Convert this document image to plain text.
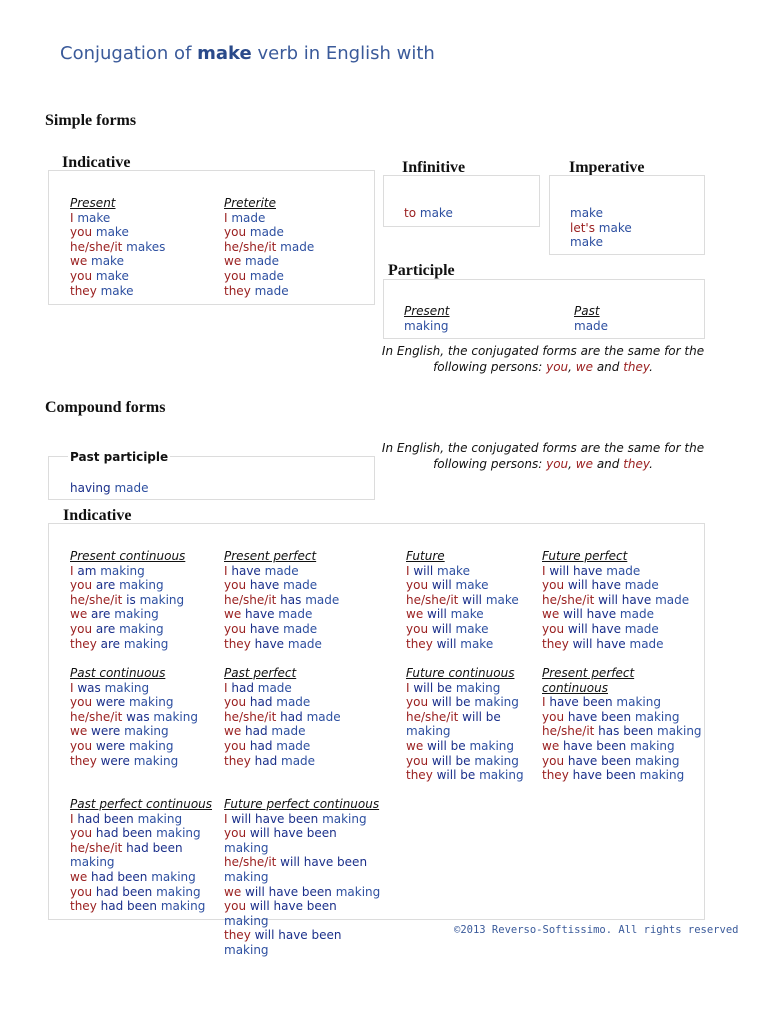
Conjugation of make verb in English with
Simple forms
Indicative
Present
I make
you make
he/she/it makes
we make
you make
they make
Preterite
I made
you made
he/she/it made
we made
you made
they made
Infinitive
to make
Imperative
make
let's make
make
Participle
Present
making
Past
made
In English, the conjugated forms are the same for the following persons: you, we and they.
Compound forms
In English, the conjugated forms are the same for the following persons: you, we and they.
Past participle
having made
Indicative
Present continuous
I am making
you are making
he/she/it is making
we are making
you are making
they are making
Present perfect
I have made
you have made
he/she/it has made
we have made
you have made
they have made
Future
I will make
you will make
he/she/it will make
we will make
you will make
they will make
Future perfect
I will have made
you will have made
he/she/it will have made
we will have made
you will have made
they will have made
Past continuous
I was making
you were making
he/she/it was making
we were making
you were making
they were making
Past perfect
I had made
you had made
he/she/it had made
we had made
you had made
they had made
Future continuous
I will be making
you will be making
he/she/it will be making
we will be making
you will be making
they will be making
Present perfect continuous
I have been making
you have been making
he/she/it has been making
we have been making
you have been making
they have been making
Past perfect continuous
I had been making
you had been making
he/she/it had been making
we had been making
you had been making
they had been making
Future perfect continuous
I will have been making
you will have been making
he/she/it will have been making
we will have been making
you will have been making
they will have been making
©2013 Reverso-Softissimo. All rights reserved
